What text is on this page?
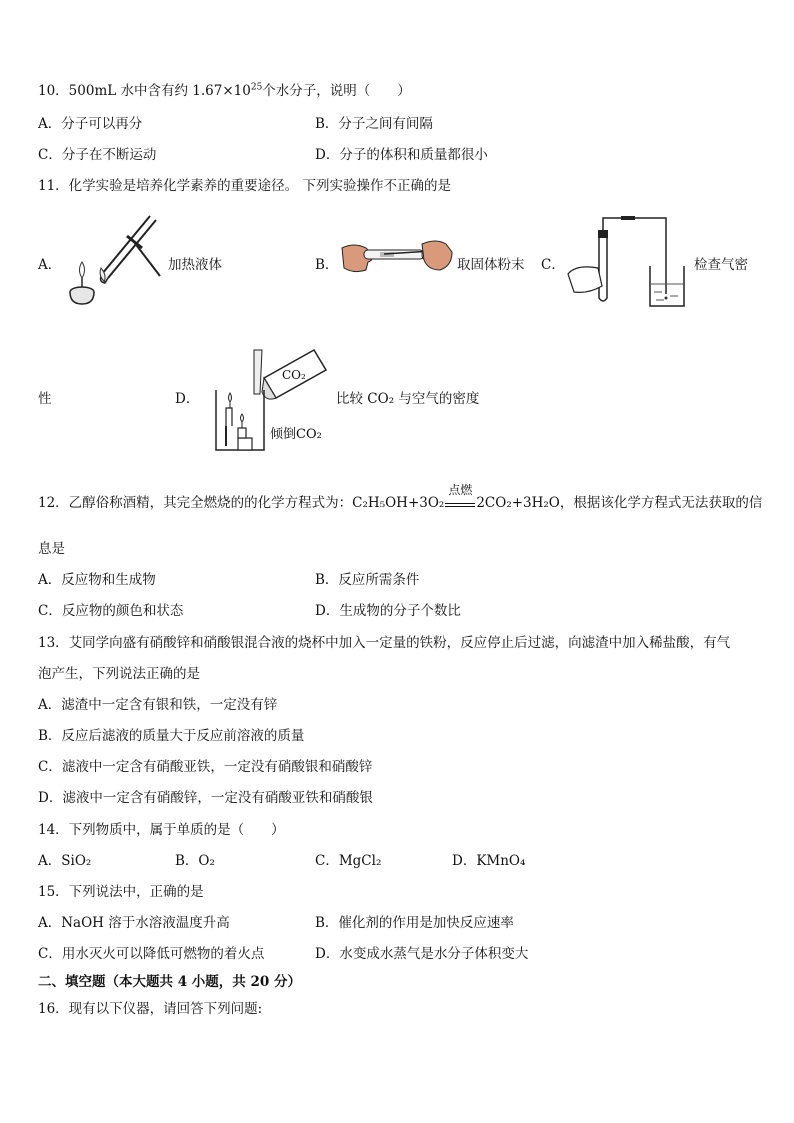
10．500mL 水中含有约 $1.67\times 10^{25}$个水分子，说明（　　）
A．分子可以再分	B．分子之间有间隔
C．分子在不断运动	D．分子的体积和质量都很小
11．化学实验是培养化学素养的重要途径。 下列实验操作不正确的是
A．	加热液体	B．	取固体粉末 C．	检查气密
性	D．
CO₂
倾倒CO₂
比较 CO₂ 与空气的密度
12．乙醇俗称酒精，其完全燃烧的的化学方程式为：C₂H₅OH+3O₂
点燃
2CO₂+3H₂O，根据该化学方程式无法获取的信
息是
A．反应物和生成物	B．反应所需条件
C．反应物的颜色和状态	D．生成物的分子个数比
13．艾同学向盛有硝酸锌和硝酸银混合液的烧杯中加入一定量的铁粉，反应停止后过滤，向滤渣中加入稀盐酸，有气
泡产生，下列说法正确的是
A．滤渣中一定含有银和铁，一定没有锌
B．反应后滤液的质量大于反应前溶液的质量
C．滤液中一定含有硝酸亚铁，一定没有硝酸银和硝酸锌
D．滤液中一定含有硝酸锌，一定没有硝酸亚铁和硝酸银
14．下列物质中，属于单质的是（　　）
A．SiO₂	B．O₂	C．MgCl₂	D．KMnO₄
15．下列说法中，正确的是
A．NaOH 溶于水溶液温度升高	B．催化剂的作用是加快反应速率
C．用水灭火可以降低可燃物的着火点	D．水变成水蒸气是水分子体积变大
二、填空题（本大题共 4 小题，共 20 分）
16．现有以下仪器，请回答下列问题:
